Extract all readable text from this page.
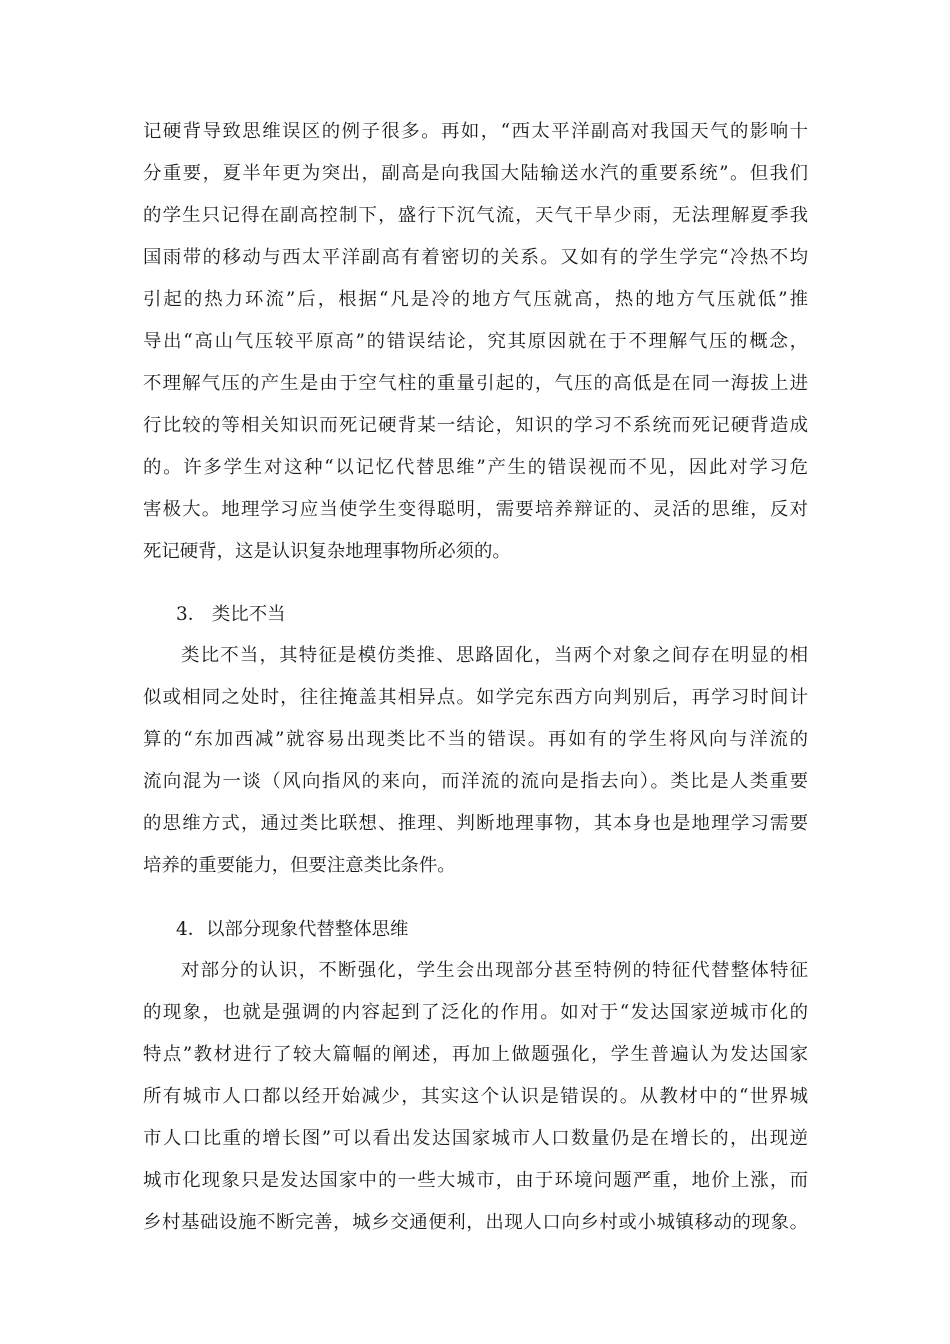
记硬背导致思维误区的例子很多。再如，“西太平洋副高对我国天气的影响十
分重要，夏半年更为突出，副高是向我国大陆输送水汽的重要系统”。但我们
的学生只记得在副高控制下，盛行下沉气流，天气干旱少雨，无法理解夏季我
国雨带的移动与西太平洋副高有着密切的关系。又如有的学生学完“冷热不均
引起的热力环流”后，根据“凡是冷的地方气压就高，热的地方气压就低”推
导出“高山气压较平原高”的错误结论，究其原因就在于不理解气压的概念，
不理解气压的产生是由于空气柱的重量引起的，气压的高低是在同一海拔上进
行比较的等相关知识而死记硬背某一结论，知识的学习不系统而死记硬背造成
的。许多学生对这种“以记忆代替思维”产生的错误视而不见，因此对学习危
害极大。地理学习应当使学生变得聪明，需要培养辩证的、灵活的思维，反对
死记硬背，这是认识复杂地理事物所必须的。
3． 类比不当
类比不当，其特征是模仿类推、思路固化，当两个对象之间存在明显的相
似或相同之处时，往往掩盖其相异点。如学完东西方向判别后，再学习时间计
算的“东加西减”就容易出现类比不当的错误。再如有的学生将风向与洋流的
流向混为一谈（风向指风的来向，而洋流的流向是指去向）。类比是人类重要
的思维方式，通过类比联想、推理、判断地理事物，其本身也是地理学习需要
培养的重要能力，但要注意类比条件。
4．以部分现象代替整体思维
对部分的认识，不断强化，学生会出现部分甚至特例的特征代替整体特征
的现象，也就是强调的内容起到了泛化的作用。如对于“发达国家逆城市化的
特点”教材进行了较大篇幅的阐述，再加上做题强化，学生普遍认为发达国家
所有城市人口都以经开始减少，其实这个认识是错误的。从教材中的“世界城
市人口比重的增长图”可以看出发达国家城市人口数量仍是在增长的，出现逆
城市化现象只是发达国家中的一些大城市，由于环境问题严重，地价上涨，而
乡村基础设施不断完善，城乡交通便利，出现人口向乡村或小城镇移动的现象。
